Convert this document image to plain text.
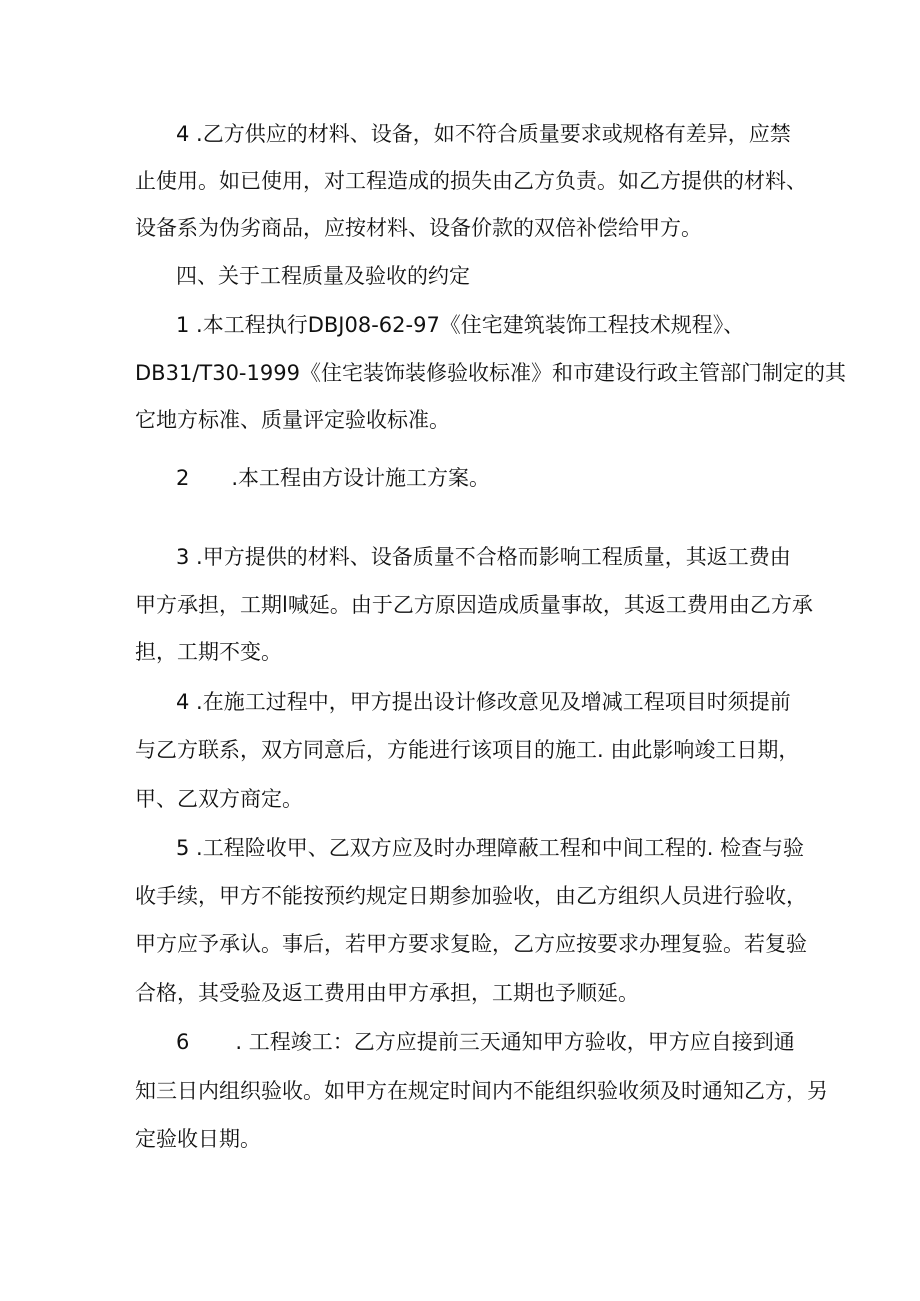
4 .乙方供应的材料、设备，如不符合质量要求或规格有差异，应禁
止使用。如已使用，对工程造成的损失由乙方负责。如乙方提供的材料、
设备系为伪劣商品，应按材料、设备价款的双倍补偿给甲方。
四、关于工程质量及验收的约定
1 .本工程执行DBJ08-62-97《住宅建筑装饰工程技术规程》、
DB31/T30-1999《住宅装饰装修验收标准》和市建设行政主管部门制定的其
它地方标准、质量评定验收标准。
2 .本工程由方设计施工方案。
3 .甲方提供的材料、设备质量不合格而影响工程质量，其返工费由
甲方承担，工期l喊延。由于乙方原因造成质量事故，其返工费用由乙方承
担，工期不变。
4 .在施工过程中，甲方提出设计修改意见及增减工程项目时须提前
与乙方联系，双方同意后，方能进行该项目的施工. 由此影响竣工日期，
甲、乙双方商定。
5 .工程险收甲、乙双方应及时办理障蔽工程和中间工程的. 检查与验
收手续，甲方不能按预约规定日期参加验收，由乙方组织人员进行验收，
甲方应予承认。事后，若甲方要求复睑，乙方应按要求办理复验。若复验
合格，其受验及返工费用由甲方承担，工期也予顺延。
6 . 工程竣工：乙方应提前三天通知甲方验收，甲方应自接到通
知三日内组织验收。如甲方在规定时间内不能组织验收须及时通知乙方，另
定验收日期。
